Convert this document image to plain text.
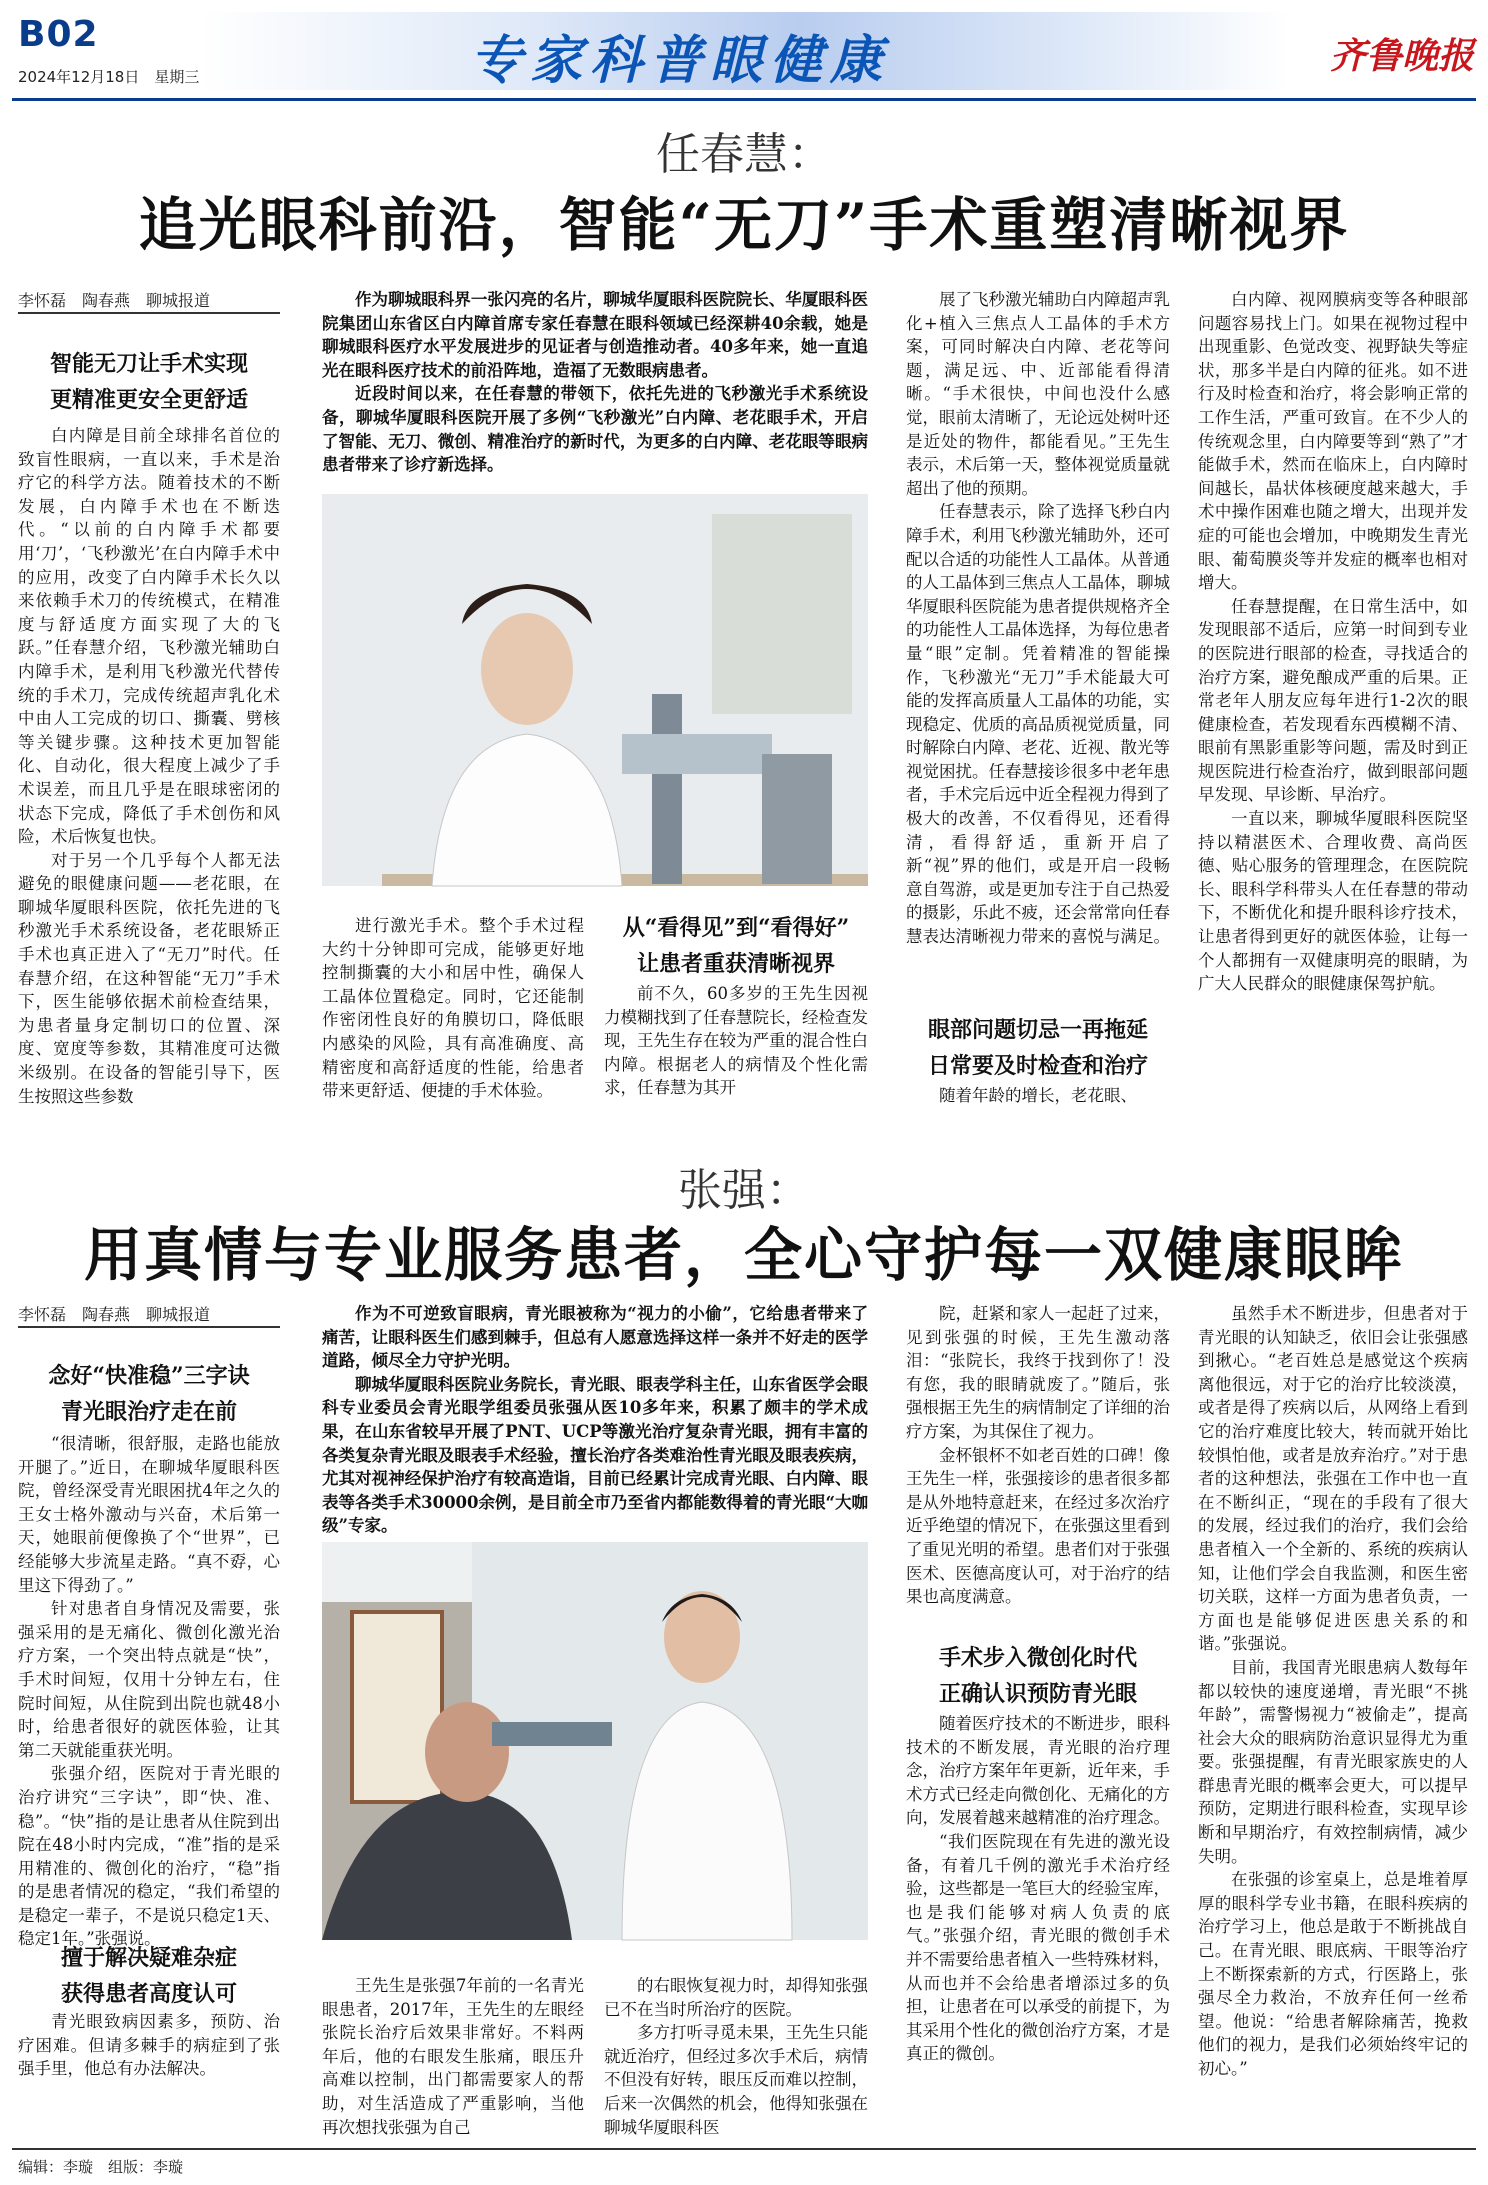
B02
2024年12月18日　星期三	专家科普眼健康	齐鲁晚报
任春慧：
追光眼科前沿，智能“无刀”手术重塑清晰视界
李怀磊　陶春燕　聊城报道
智能无刀让手术实现
更精准更安全更舒适

白内障是目前全球排名首位的致盲性眼病，一直以来，手术是治疗它的科学方法。随着技术的不断发展，白内障手术也在不断迭代。“以前的白内障手术都要用‘刀’，‘飞秒激光’在白内障手术中的应用，改变了白内障手术长久以来依赖手术刀的传统模式，在精准度与舒适度方面实现了大的飞跃。”任春慧介绍，飞秒激光辅助白内障手术，是利用飞秒激光代替传统的手术刀，完成传统超声乳化术中由人工完成的切口、撕囊、劈核等关键步骤。这种技术更加智能化、自动化，很大程度上减少了手术误差，而且几乎是在眼球密闭的状态下完成，降低了手术创伤和风险，术后恢复也快。

对于另一个几乎每个人都无法避免的眼健康问题——老花眼，在聊城华厦眼科医院，依托先进的飞秒激光手术系统设备，老花眼矫正手术也真正进入了“无刀”时代。任春慧介绍，在这种智能“无刀”手术下，医生能够依据术前检查结果，为患者量身定制切口的位置、深度、宽度等参数，其精准度可达微米级别。在设备的智能引导下，医生按照这些参数

作为聊城眼科界一张闪亮的名片，聊城华厦眼科医院院长、华厦眼科医院集团山东省区白内障首席专家任春慧在眼科领域已经深耕40余载，她是聊城眼科医疗水平发展进步的见证者与创造推动者。40多年来，她一直追光在眼科医疗技术的前沿阵地，造福了无数眼病患者。

近段时间以来，在任春慧的带领下，依托先进的飞秒激光手术系统设备，聊城华厦眼科医院开展了多例“飞秒激光”白内障、老花眼手术，开启了智能、无刀、微创、精准治疗的新时代，为更多的白内障、老花眼等眼病患者带来了诊疗新选择。

进行激光手术。整个手术过程大约十分钟即可完成，能够更好地控制撕囊的大小和居中性，确保人工晶体位置稳定。同时，它还能制作密闭性良好的角膜切口，降低眼内感染的风险，具有高准确度、高精密度和高舒适度的性能，给患者带来更舒适、便捷的手术体验。

从“看得见”到“看得好”
让患者重获清晰视界

前不久，60多岁的王先生因视力模糊找到了任春慧院长，经检查发现，王先生存在较为严重的混合性白内障。根据老人的病情及个性化需求，任春慧为其开

展了飞秒激光辅助白内障超声乳化+植入三焦点人工晶体的手术方案，可同时解决白内障、老花等问题，满足远、中、近部能看得清晰。“手术很快，中间也没什么感觉，眼前太清晰了，无论远处树叶还是近处的物件，都能看见。”王先生表示，术后第一天，整体视觉质量就超出了他的预期。

任春慧表示，除了选择飞秒白内障手术，利用飞秒激光辅助外，还可配以合适的功能性人工晶体。从普通的人工晶体到三焦点人工晶体，聊城华厦眼科医院能为患者提供规格齐全的功能性人工晶体选择，为每位患者量“眼”定制。凭着精准的智能操作，飞秒激光“无刀”手术能最大可能的发挥高质量人工晶体的功能，实现稳定、优质的高品质视觉质量，同时解除白内障、老花、近视、散光等视觉困扰。任春慧接诊很多中老年患者，手术完后远中近全程视力得到了极大的改善，不仅看得见，还看得清，看得舒适，重新开启了新“视”界的他们，或是开启一段畅意自驾游，或是更加专注于自己热爱的摄影，乐此不疲，还会常常向任春慧表达清晰视力带来的喜悦与满足。

眼部问题切忌一再拖延
日常要及时检查和治疗

随着年龄的增长，老花眼、

白内障、视网膜病变等各种眼部问题容易找上门。如果在视物过程中出现重影、色觉改变、视野缺失等症状，那多半是白内障的征兆。如不进行及时检查和治疗，将会影响正常的工作生活，严重可致盲。在不少人的传统观念里，白内障要等到“熟了”才能做手术，然而在临床上，白内障时间越长，晶状体核硬度越来越大，手术中操作困难也随之增大，出现并发症的可能也会增加，中晚期发生青光眼、葡萄膜炎等并发症的概率也相对增大。

任春慧提醒，在日常生活中，如发现眼部不适后，应第一时间到专业的医院进行眼部的检查，寻找适合的治疗方案，避免酿成严重的后果。正常老年人朋友应每年进行1-2次的眼健康检查，若发现看东西模糊不清、眼前有黑影重影等问题，需及时到正规医院进行检查治疗，做到眼部问题早发现、早诊断、早治疗。

一直以来，聊城华厦眼科医院坚持以精湛医术、合理收费、高尚医德、贴心服务的管理理念，在医院院长、眼科学科带头人在任春慧的带动下，不断优化和提升眼科诊疗技术，让患者得到更好的就医体验，让每一个人都拥有一双健康明亮的眼睛，为广大人民群众的眼健康保驾护航。

张强：
用真情与专业服务患者，全心守护每一双健康眼眸
李怀磊　陶春燕　聊城报道
念好“快准稳”三字诀
青光眼治疗走在前

“很清晰，很舒服，走路也能放开腿了。”近日，在聊城华厦眼科医院，曾经深受青光眼困扰4年之久的王女士格外激动与兴奋，术后第一天，她眼前便像换了个“世界”，已经能够大步流星走路。“真不孬，心里这下得劲了。”

针对患者自身情况及需要，张强采用的是无痛化、微创化激光治疗方案，一个突出特点就是“快”，手术时间短，仅用十分钟左右，住院时间短，从住院到出院也就48小时，给患者很好的就医体验，让其第二天就能重获光明。

张强介绍，医院对于青光眼的治疗讲究“三字诀”，即“快、准、稳”。“快”指的是让患者从住院到出院在48小时内完成，“准”指的是采用精准的、微创化的治疗，“稳”指的是患者情况的稳定，“我们希望的是稳定一辈子，不是说只稳定1天、稳定1年。”张强说。

擅于解决疑难杂症
获得患者高度认可

青光眼致病因素多，预防、治疗困难。但请多棘手的病症到了张强手里，他总有办法解决。

作为不可逆致盲眼病，青光眼被称为“视力的小偷”，它给患者带来了痛苦，让眼科医生们感到棘手，但总有人愿意选择这样一条并不好走的医学道路，倾尽全力守护光明。

聊城华厦眼科医院业务院长，青光眼、眼表学科主任，山东省医学会眼科专业委员会青光眼学组委员张强从医10多年来，积累了颇丰的学术成果，在山东省较早开展了PNT、UCP等激光治疗复杂青光眼，拥有丰富的各类复杂青光眼及眼表手术经验，擅长治疗各类难治性青光眼及眼表疾病，尤其对视神经保护治疗有较高造诣，目前已经累计完成青光眼、白内障、眼表等各类手术30000余例，是目前全市乃至省内都能数得着的青光眼“大咖级”专家。

王先生是张强7年前的一名青光眼患者，2017年，王先生的左眼经张院长治疗后效果非常好。不料两年后，他的右眼发生胀痛，眼压升高难以控制，出门都需要家人的帮助，对生活造成了严重影响，当他再次想找张强为自己

的右眼恢复视力时，却得知张强已不在当时所治疗的医院。

多方打听寻觅未果，王先生只能就近治疗，但经过多次手术后，病情不但没有好转，眼压反而难以控制，后来一次偶然的机会，他得知张强在聊城华厦眼科医

院，赶紧和家人一起赶了过来，见到张强的时候，王先生激动落泪：“张院长，我终于找到你了！没有您，我的眼睛就废了。”随后，张强根据王先生的病情制定了详细的治疗方案，为其保住了视力。

金杯银杯不如老百姓的口碑！像王先生一样，张强接诊的患者很多都是从外地特意赶来，在经过多次治疗近乎绝望的情况下，在张强这里看到了重见光明的希望。患者们对于张强医术、医德高度认可，对于治疗的结果也高度满意。

手术步入微创化时代
正确认识预防青光眼

随着医疗技术的不断进步，眼科技术的不断发展，青光眼的治疗理念，治疗方案年年更新，近年来，手术方式已经走向微创化、无痛化的方向，发展着越来越精准的治疗理念。

“我们医院现在有先进的激光设备，有着几千例的激光手术治疗经验，这些都是一笔巨大的经验宝库，也是我们能够对病人负责的底气。”张强介绍，青光眼的微创手术并不需要给患者植入一些特殊材料，从而也并不会给患者增添过多的负担，让患者在可以承受的前提下，为其采用个性化的微创治疗方案，才是真正的微创。

虽然手术不断进步，但患者对于青光眼的认知缺乏，依旧会让张强感到揪心。“老百姓总是感觉这个疾病离他很远，对于它的治疗比较淡漠，或者是得了疾病以后，从网络上看到它的治疗难度比较大，转而就开始比较惧怕他，或者是放弃治疗。”对于患者的这种想法，张强在工作中也一直在不断纠正，“现在的手段有了很大的发展，经过我们的治疗，我们会给患者植入一个全新的、系统的疾病认知，让他们学会自我监测，和医生密切关联，这样一方面为患者负责，一方面也是能够促进医患关系的和谐。”张强说。

目前，我国青光眼患病人数每年都以较快的速度递增，青光眼“不挑年龄”，需警惕视力“被偷走”，提高社会大众的眼病防治意识显得尤为重要。张强提醒，有青光眼家族史的人群患青光眼的概率会更大，可以提早预防，定期进行眼科检查，实现早诊断和早期治疗，有效控制病情，减少失明。

在张强的诊室桌上，总是堆着厚厚的眼科学专业书籍，在眼科疾病的治疗学习上，他总是敢于不断挑战自己。在青光眼、眼底病、干眼等治疗上不断探索新的方式，行医路上，张强尽全力救治，不放弃任何一丝希望。他说：“给患者解除痛苦，挽救他们的视力，是我们必须始终牢记的初心。”

编辑：李璇　组版：李璇
